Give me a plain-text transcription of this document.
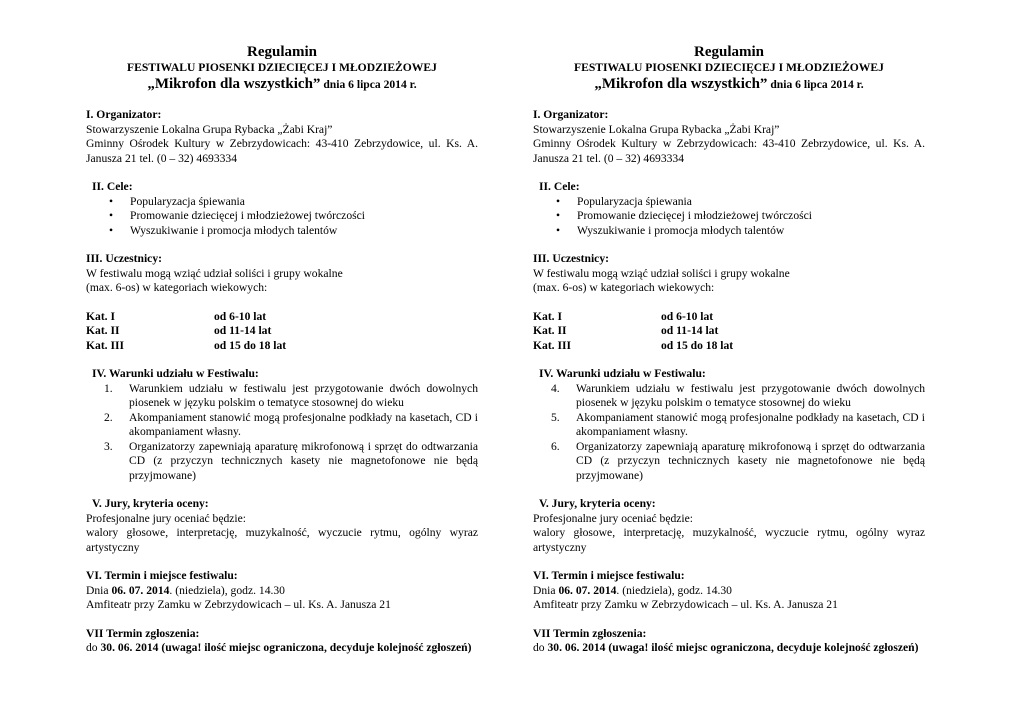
Regulamin
FESTIWALU PIOSENKI DZIECIĘCEJ I MŁODZIEŻOWEJ
„Mikrofon dla wszystkich” dnia 6 lipca 2014 r.
I. Organizator:
Stowarzyszenie Lokalna Grupa Rybacka „Żabi Kraj”
Gminny Ośrodek Kultury w Zebrzydowicach: 43-410 Zebrzydowice, ul. Ks. A. Janusza 21 tel. (0 – 32) 4693334
II. Cele:
• Popularyzacja śpiewania
• Promowanie dziecięcej i młodzieżowej twórczości
• Wyszukiwanie i promocja młodych talentów
III. Uczestnicy:
W festiwalu mogą wziąć udział soliści i grupy wokalne
(max. 6-os) w kategoriach wiekowych:
Kat. I	od 6-10 lat
Kat. II	od 11-14 lat
Kat. III	od 15 do 18 lat
IV. Warunki udziału w Festiwalu:
1. Warunkiem udziału w festiwalu jest przygotowanie dwóch dowolnych piosenek w języku polskim o tematyce stosownej do wieku
2. Akompaniament stanowić mogą profesjonalne podkłady na kasetach, CD i akompaniament własny.
3. Organizatorzy zapewniają aparaturę mikrofonową i sprzęt do odtwarzania CD (z przyczyn technicznych kasety nie magnetofonowe nie będą przyjmowane)
V. Jury, kryteria oceny:
Profesjonalne jury oceniać będzie:
walory głosowe, interpretację, muzykalność, wyczucie rytmu, ogólny wyraz artystyczny
VI. Termin i miejsce festiwalu:
Dnia 06. 07. 2014. (niedziela), godz. 14.30
Amfiteatr przy Zamku w Zebrzydowicach – ul. Ks. A. Janusza 21
VII Termin zgłoszenia:
do 30. 06. 2014 (uwaga! ilość miejsc ograniczona, decyduje kolejność zgłoszeń)
Regulamin
FESTIWALU PIOSENKI DZIECIĘCEJ I MŁODZIEŻOWEJ
„Mikrofon dla wszystkich” dnia 6 lipca 2014 r.
I. Organizator:
Stowarzyszenie Lokalna Grupa Rybacka „Żabi Kraj”
Gminny Ośrodek Kultury w Zebrzydowicach: 43-410 Zebrzydowice, ul. Ks. A. Janusza 21 tel. (0 – 32) 4693334
II. Cele:
• Popularyzacja śpiewania
• Promowanie dziecięcej i młodzieżowej twórczości
• Wyszukiwanie i promocja młodych talentów
III. Uczestnicy:
W festiwalu mogą wziąć udział soliści i grupy wokalne
(max. 6-os) w kategoriach wiekowych:
Kat. I	od 6-10 lat
Kat. II	od 11-14 lat
Kat. III	od 15 do 18 lat
IV. Warunki udziału w Festiwalu:
4. Warunkiem udziału w festiwalu jest przygotowanie dwóch dowolnych piosenek w języku polskim o tematyce stosownej do wieku
5. Akompaniament stanowić mogą profesjonalne podkłady na kasetach, CD i akompaniament własny.
6. Organizatorzy zapewniają aparaturę mikrofonową i sprzęt do odtwarzania CD (z przyczyn technicznych kasety nie magnetofonowe nie będą przyjmowane)
V. Jury, kryteria oceny:
Profesjonalne jury oceniać będzie:
walory głosowe, interpretację, muzykalność, wyczucie rytmu, ogólny wyraz artystyczny
VI. Termin i miejsce festiwalu:
Dnia 06. 07. 2014. (niedziela), godz. 14.30
Amfiteatr przy Zamku w Zebrzydowicach – ul. Ks. A. Janusza 21
VII Termin zgłoszenia:
do 30. 06. 2014 (uwaga! ilość miejsc ograniczona, decyduje kolejność zgłoszeń)
